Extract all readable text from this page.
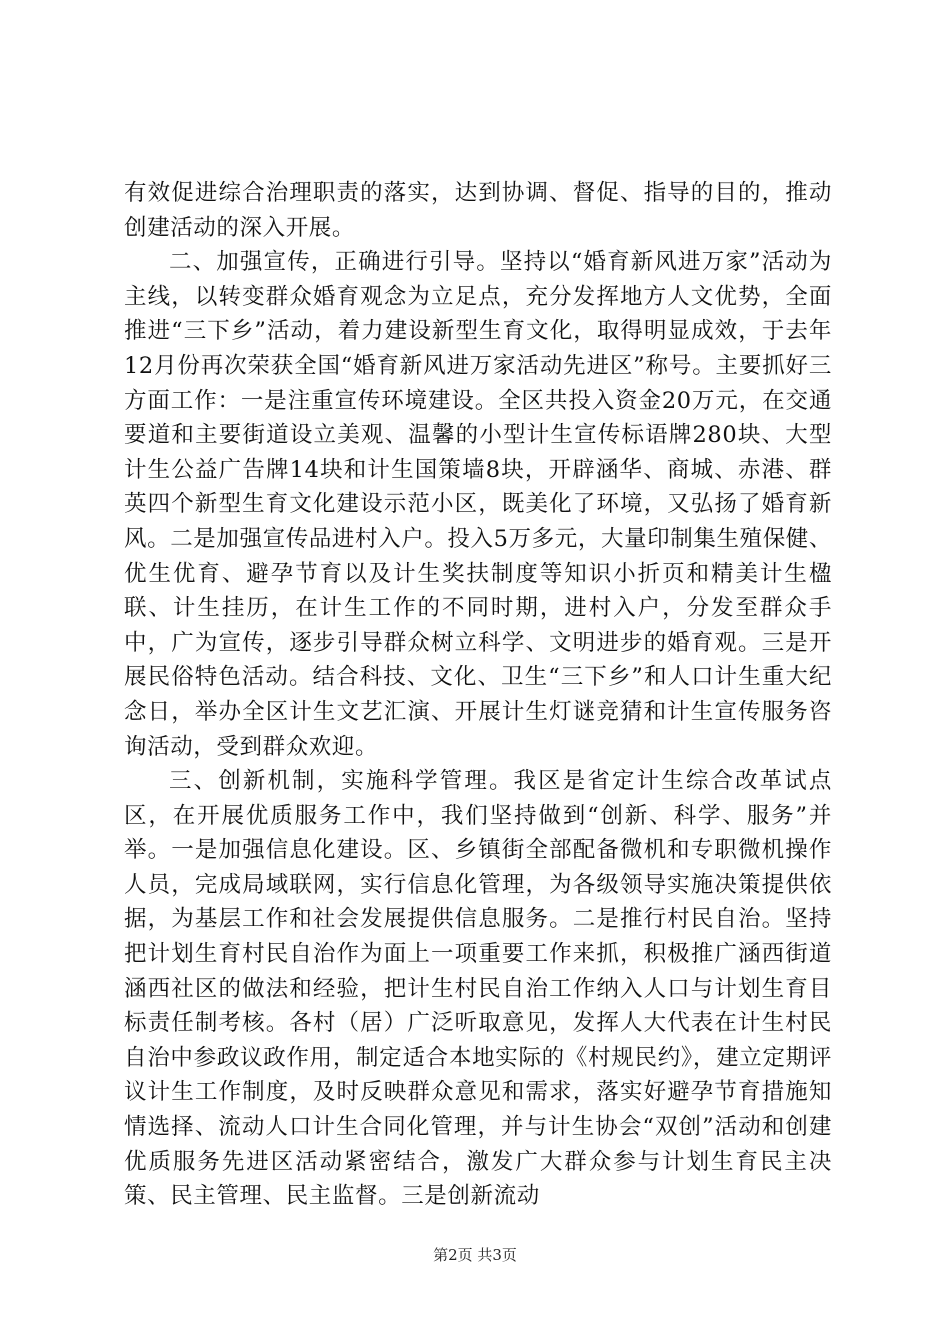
有效促进综合治理职责的落实，达到协调、督促、指导的目的，推动创建活动的深入开展。

二、加强宣传，正确进行引导。坚持以“婚育新风进万家”活动为主线，以转变群众婚育观念为立足点，充分发挥地方人文优势，全面推进“三下乡”活动，着力建设新型生育文化，取得明显成效，于去年12月份再次荣获全国“婚育新风进万家活动先进区”称号。主要抓好三方面工作：一是注重宣传环境建设。全区共投入资金20万元，在交通要道和主要街道设立美观、温馨的小型计生宣传标语牌280块、大型计生公益广告牌14块和计生国策墙8块，开辟涵华、商城、赤港、群英四个新型生育文化建设示范小区，既美化了环境，又弘扬了婚育新风。二是加强宣传品进村入户。投入5万多元，大量印制集生殖保健、优生优育、避孕节育以及计生奖扶制度等知识小折页和精美计生楹联、计生挂历，在计生工作的不同时期，进村入户，分发至群众手中，广为宣传，逐步引导群众树立科学、文明进步的婚育观。三是开展民俗特色活动。结合科技、文化、卫生“三下乡”和人口计生重大纪念日，举办全区计生文艺汇演、开展计生灯谜竞猜和计生宣传服务咨询活动，受到群众欢迎。

三、创新机制，实施科学管理。我区是省定计生综合改革试点区，在开展优质服务工作中，我们坚持做到“创新、科学、服务”并举。一是加强信息化建设。区、乡镇街全部配备微机和专职微机操作人员，完成局域联网，实行信息化管理，为各级领导实施决策提供依据，为基层工作和社会发展提供信息服务。二是推行村民自治。坚持把计划生育村民自治作为面上一项重要工作来抓，积极推广涵西街道涵西社区的做法和经验，把计生村民自治工作纳入人口与计划生育目标责任制考核。各村（居）广泛听取意见，发挥人大代表在计生村民自治中参政议政作用，制定适合本地实际的《村规民约》，建立定期评议计生工作制度，及时反映群众意见和需求，落实好避孕节育措施知情选择、流动人口计生合同化管理，并与计生协会“双创”活动和创建优质服务先进区活动紧密结合，激发广大群众参与计划生育民主决策、民主管理、民主监督。三是创新流动

第2页 共3页
